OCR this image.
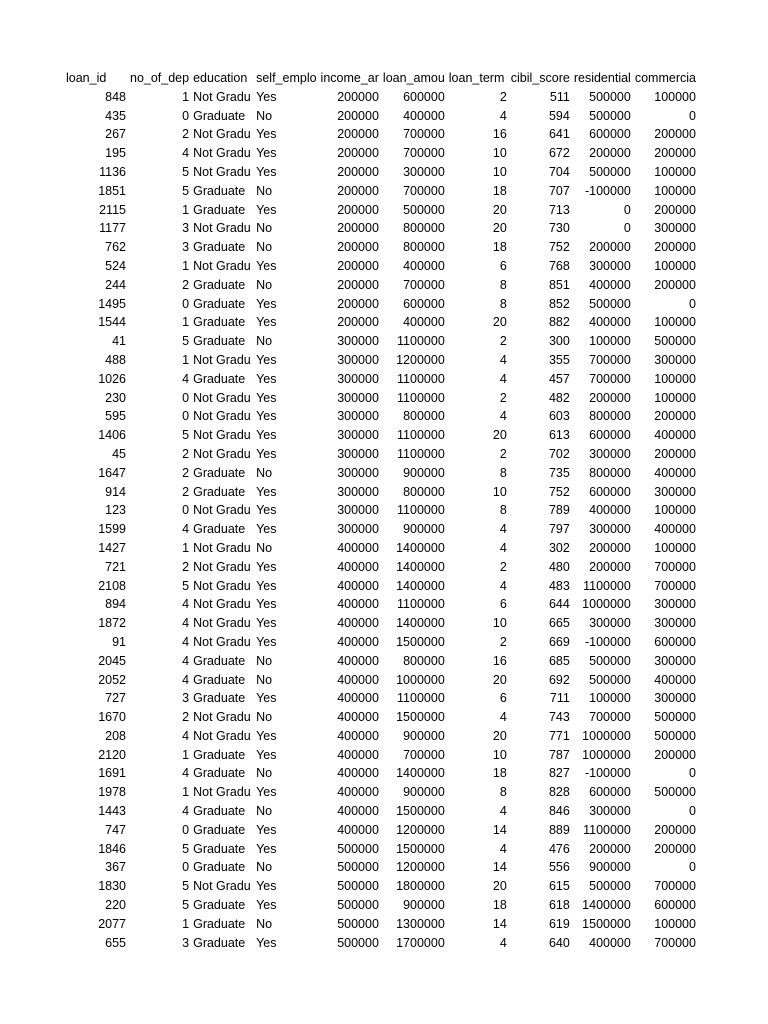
loan_id	no_of_dep	education	self_emplo	income_ar	loan_amou	loan_term	cibil_score	residential	commercia
848	1	Not Gradu	Yes	200000	600000	2	511	500000	100000
435	0	Graduate	No	200000	400000	4	594	500000	0
267	2	Not Gradu	Yes	200000	700000	16	641	600000	200000
195	4	Not Gradu	Yes	200000	700000	10	672	200000	200000
1136	5	Not Gradu	Yes	200000	300000	10	704	500000	100000
1851	5	Graduate	No	200000	700000	18	707	-100000	100000
2115	1	Graduate	Yes	200000	500000	20	713	0	200000
1177	3	Not Gradu	No	200000	800000	20	730	0	300000
762	3	Graduate	No	200000	800000	18	752	200000	200000
524	1	Not Gradu	Yes	200000	400000	6	768	300000	100000
244	2	Graduate	No	200000	700000	8	851	400000	200000
1495	0	Graduate	Yes	200000	600000	8	852	500000	0
1544	1	Graduate	Yes	200000	400000	20	882	400000	100000
41	5	Graduate	No	300000	1100000	2	300	100000	500000
488	1	Not Gradu	Yes	300000	1200000	4	355	700000	300000
1026	4	Graduate	Yes	300000	1100000	4	457	700000	100000
230	0	Not Gradu	Yes	300000	1100000	2	482	200000	100000
595	0	Not Gradu	Yes	300000	800000	4	603	800000	200000
1406	5	Not Gradu	Yes	300000	1100000	20	613	600000	400000
45	2	Not Gradu	Yes	300000	1100000	2	702	300000	200000
1647	2	Graduate	No	300000	900000	8	735	800000	400000
914	2	Graduate	Yes	300000	800000	10	752	600000	300000
123	0	Not Gradu	Yes	300000	1100000	8	789	400000	100000
1599	4	Graduate	Yes	300000	900000	4	797	300000	400000
1427	1	Not Gradu	No	400000	1400000	4	302	200000	100000
721	2	Not Gradu	Yes	400000	1400000	2	480	200000	700000
2108	5	Not Gradu	Yes	400000	1400000	4	483	1100000	700000
894	4	Not Gradu	Yes	400000	1100000	6	644	1000000	300000
1872	4	Not Gradu	Yes	400000	1400000	10	665	300000	300000
91	4	Not Gradu	Yes	400000	1500000	2	669	-100000	600000
2045	4	Graduate	No	400000	800000	16	685	500000	300000
2052	4	Graduate	No	400000	1000000	20	692	500000	400000
727	3	Graduate	Yes	400000	1100000	6	711	100000	300000
1670	2	Not Gradu	No	400000	1500000	4	743	700000	500000
208	4	Not Gradu	Yes	400000	900000	20	771	1000000	500000
2120	1	Graduate	Yes	400000	700000	10	787	1000000	200000
1691	4	Graduate	No	400000	1400000	18	827	-100000	0
1978	1	Not Gradu	Yes	400000	900000	8	828	600000	500000
1443	4	Graduate	No	400000	1500000	4	846	300000	0
747	0	Graduate	Yes	400000	1200000	14	889	1100000	200000
1846	5	Graduate	Yes	500000	1500000	4	476	200000	200000
367	0	Graduate	No	500000	1200000	14	556	900000	0
1830	5	Not Gradu	Yes	500000	1800000	20	615	500000	700000
220	5	Graduate	Yes	500000	900000	18	618	1400000	600000
2077	1	Graduate	No	500000	1300000	14	619	1500000	100000
655	3	Graduate	Yes	500000	1700000	4	640	400000	700000
